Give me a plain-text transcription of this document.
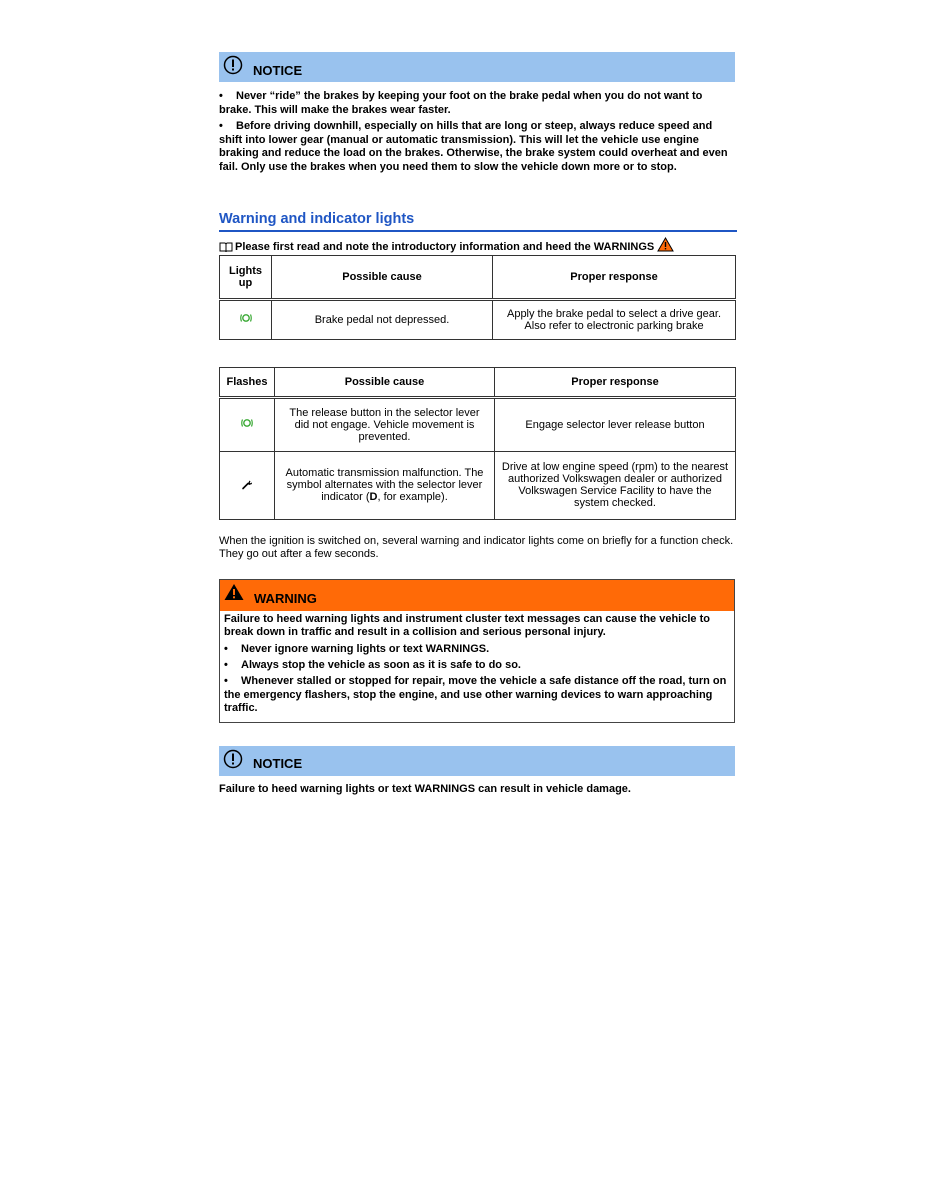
NOTICE

• Never “ride” the brakes by keeping your foot on the brake pedal when you do not want to brake. This will make the brakes wear faster.

• Before driving downhill, especially on hills that are long or steep, always reduce speed and shift into lower gear (manual or automatic transmission). This will let the vehicle use engine braking and reduce the load on the brakes. Otherwise, the brake system could overheat and even fail. Only use the brakes when you need them to slow the vehicle down more or to stop.

Warning and indicator lights
Please first read and note the introductory information and heed the WARNINGS
Lights up	Possible cause	Proper response
	Brake pedal not depressed.	Apply the brake pedal to select a drive gear. Also refer to electronic parking brake
Flashes	Possible cause	Proper response
	The release button in the selector lever did not engage. Vehicle movement is prevented.	Engage selector lever release button
	Automatic transmission malfunction. The symbol alternates with the selector lever indicator (D, for example).	Drive at low engine speed (rpm) to the nearest authorized Volkswagen dealer or authorized Volkswagen Service Facility to have the system checked.
When the ignition is switched on, several warning and indicator lights come on briefly for a function check. They go out after a few seconds.
WARNING

Failure to heed warning lights and instrument cluster text messages can cause the vehicle to break down in traffic and result in a collision and serious personal injury.

• Never ignore warning lights or text WARNINGS.

• Always stop the vehicle as soon as it is safe to do so.

• Whenever stalled or stopped for repair, move the vehicle a safe distance off the road, turn on the emergency flashers, stop the engine, and use other warning devices to warn approaching traffic.

NOTICE
Failure to heed warning lights or text WARNINGS can result in vehicle damage.
